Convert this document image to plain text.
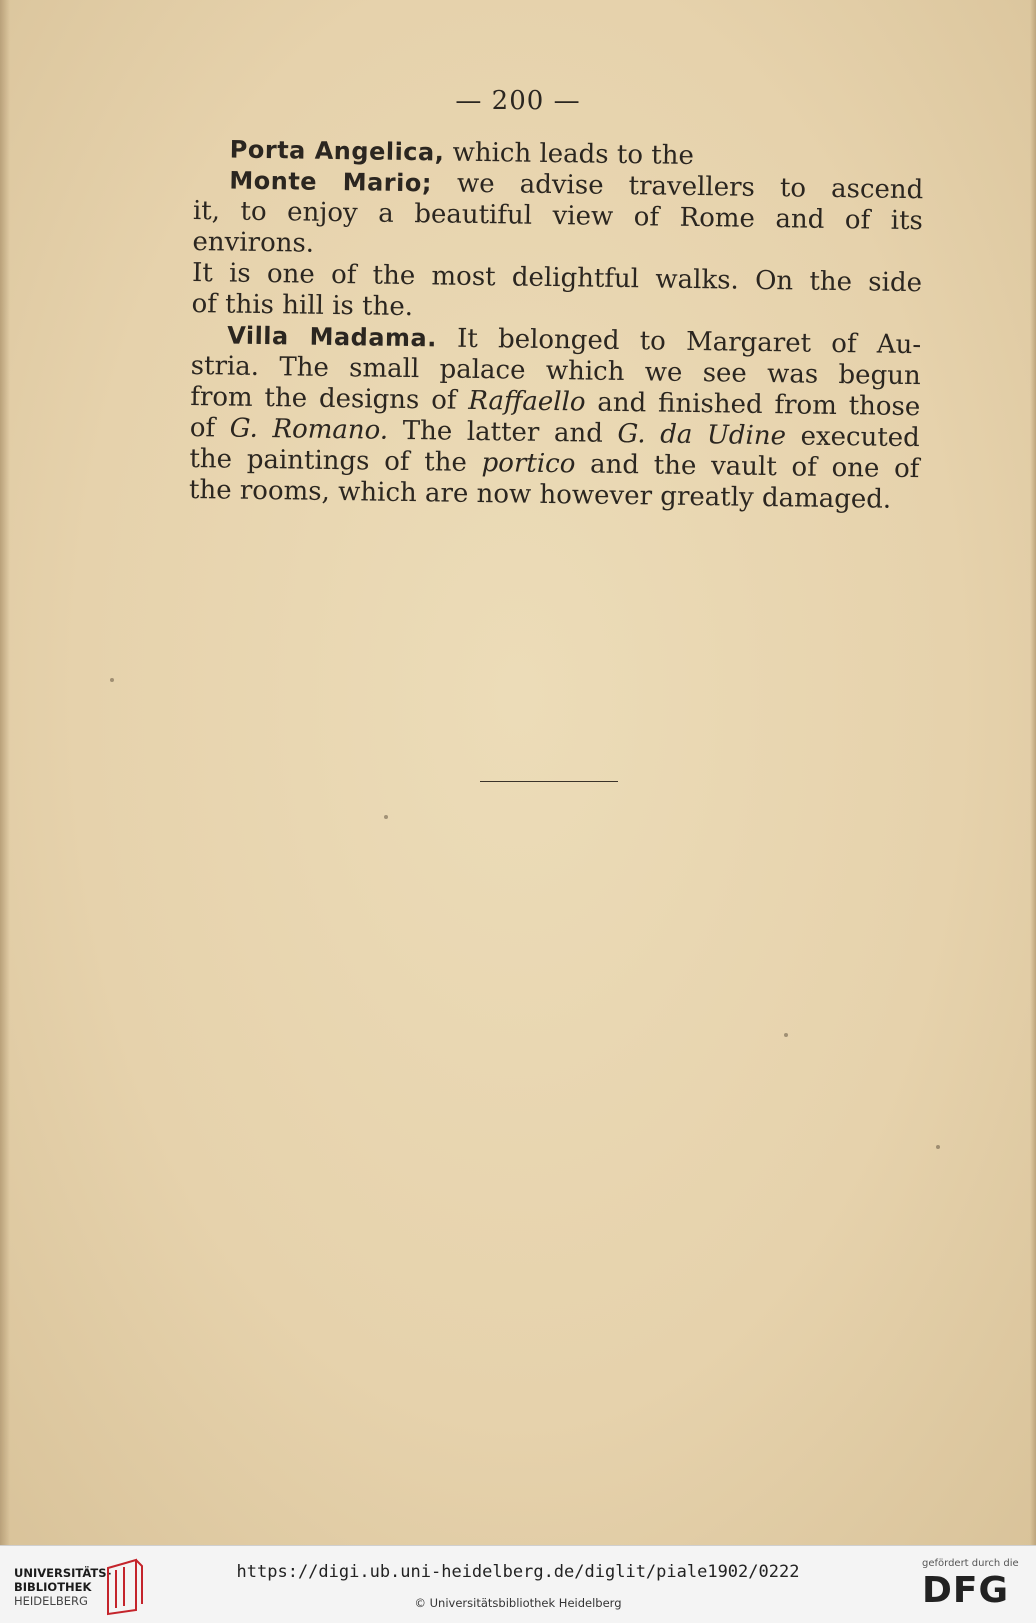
— 200 —

Porta Angelica, which leads to the

Monte Mario; we advise travellers to ascend
it, to enjoy a beautiful view of Rome and of its environs.
It is one of the most delightful walks. On the side
of this hill is the.

Villa Madama. It belonged to Margaret of Au-
stria. The small palace which we see was begun
from the designs of Raffaello and finished from those
of G. Romano. The latter and G. da Udine executed
the paintings of the portico and the vault of one of
the rooms, which are now however greatly damaged.

UNIVERSITÄTS-
BIBLIOTHEK
HEIDELBERG
https://digi.ub.uni-heidelberg.de/diglit/piale1902/0222
© Universitätsbibliothek Heidelberg
gefördert durch die
DFG
